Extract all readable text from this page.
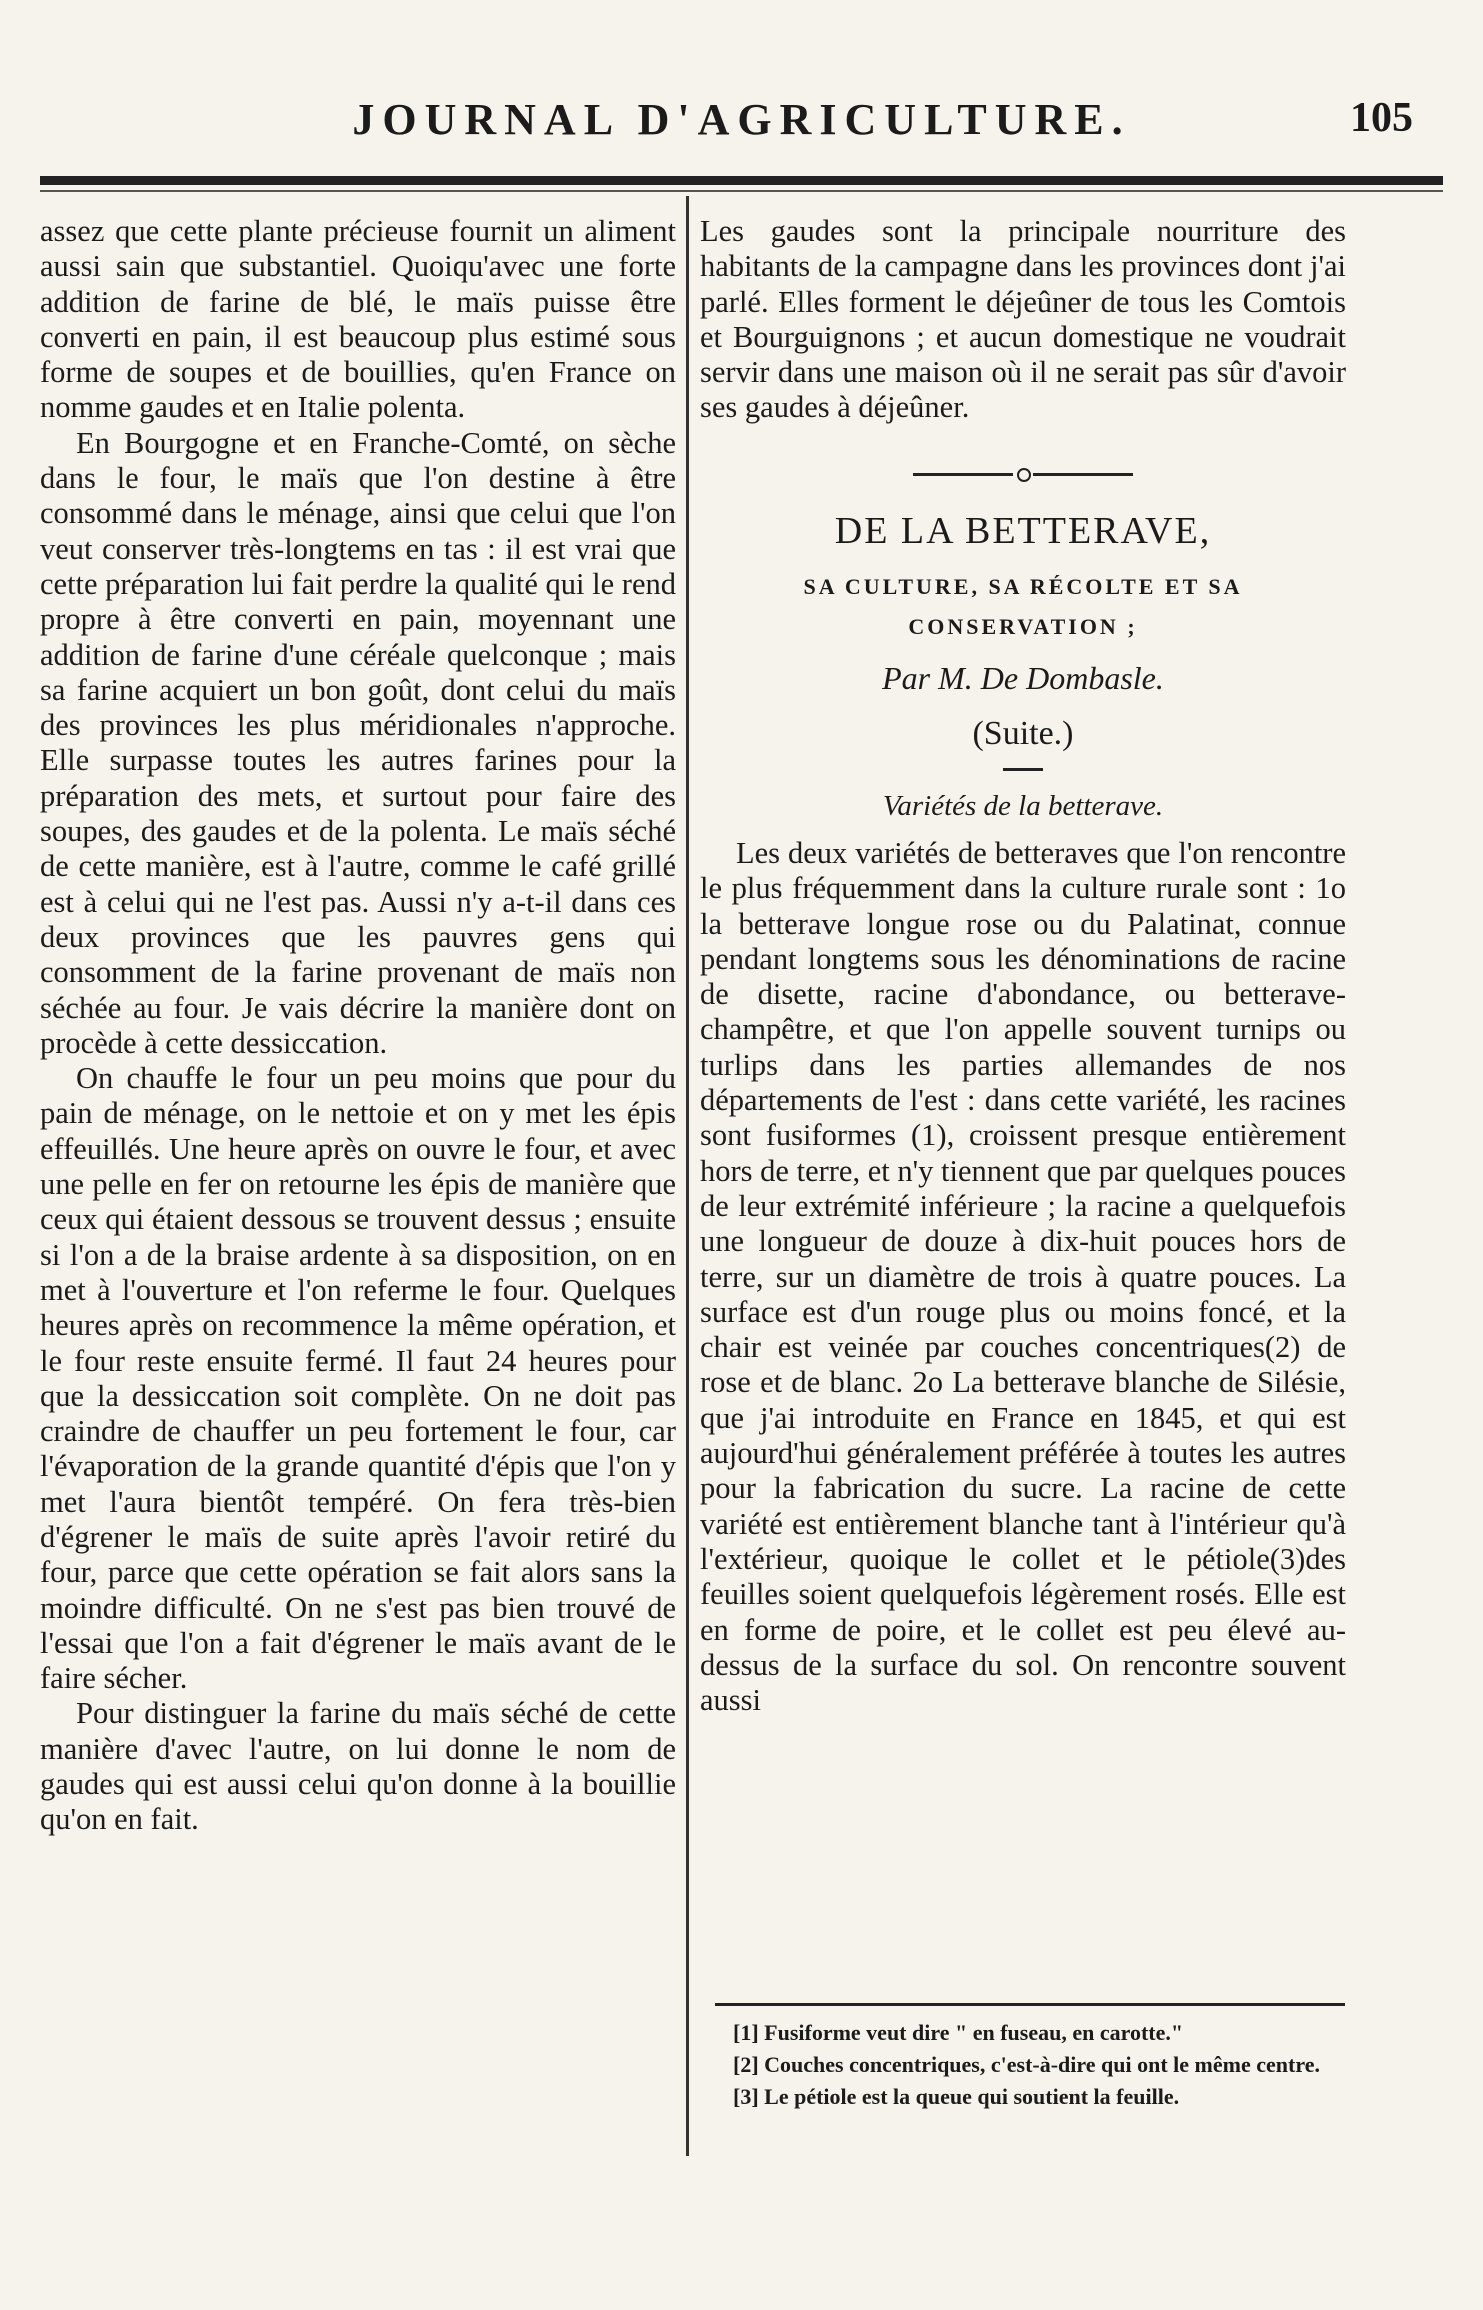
JOURNAL D'AGRICULTURE.	105

assez que cette plante précieuse fournit un aliment aussi sain que substantiel. Quoiqu'avec une forte addition de farine de blé, le maïs puisse être converti en pain, il est beaucoup plus estimé sous forme de soupes et de bouillies, qu'en France on nomme gaudes et en Italie polenta.

En Bourgogne et en Franche-Comté, on sèche dans le four, le maïs que l'on destine à être consommé dans le ménage, ainsi que celui que l'on veut conserver très-longtems en tas : il est vrai que cette préparation lui fait perdre la qualité qui le rend propre à être converti en pain, moyennant une addition de farine d'une céréale quelconque ; mais sa farine acquiert un bon goût, dont celui du maïs des provinces les plus méridionales n'approche. Elle surpasse toutes les autres farines pour la préparation des mets, et surtout pour faire des soupes, des gaudes et de la polenta. Le maïs séché de cette manière, est à l'autre, comme le café grillé est à celui qui ne l'est pas. Aussi n'y a-t-il dans ces deux provinces que les pauvres gens qui consomment de la farine provenant de maïs non séchée au four. Je vais décrire la manière dont on procède à cette dessiccation.

On chauffe le four un peu moins que pour du pain de ménage, on le nettoie et on y met les épis effeuillés. Une heure après on ouvre le four, et avec une pelle en fer on retourne les épis de manière que ceux qui étaient dessous se trouvent dessus ; ensuite si l'on a de la braise ardente à sa disposition, on en met à l'ouverture et l'on referme le four. Quelques heures après on recommence la même opération, et le four reste ensuite fermé. Il faut 24 heures pour que la dessiccation soit complète. On ne doit pas craindre de chauffer un peu fortement le four, car l'évaporation de la grande quantité d'épis que l'on y met l'aura bientôt tempéré. On fera très-bien d'égrener le maïs de suite après l'avoir retiré du four, parce que cette opération se fait alors sans la moindre difficulté. On ne s'est pas bien trouvé de l'essai que l'on a fait d'égrener le maïs avant de le faire sécher.

Pour distinguer la farine du maïs séché de cette manière d'avec l'autre, on lui donne le nom de gaudes qui est aussi celui qu'on donne à la bouillie qu'on en fait.

Les gaudes sont la principale nourriture des habitants de la campagne dans les provinces dont j'ai parlé. Elles forment le déjeûner de tous les Comtois et Bourguignons ; et aucun domestique ne voudrait servir dans une maison où il ne serait pas sûr d'avoir ses gaudes à déjeûner.

DE LA BETTERAVE,
SA CULTURE, SA RÉCOLTE ET SA CONSERVATION ;
Par M. De Dombasle.
(Suite.)
Variétés de la betterave.

Les deux variétés de betteraves que l'on rencontre le plus fréquemment dans la culture rurale sont : 1o la betterave longue rose ou du Palatinat, connue pendant longtems sous les dénominations de racine de disette, racine d'abondance, ou betterave-champêtre, et que l'on appelle souvent turnips ou turlips dans les parties allemandes de nos départements de l'est : dans cette variété, les racines sont fusiformes (1), croissent presque entièrement hors de terre, et n'y tiennent que par quelques pouces de leur extrémité inférieure ; la racine a quelquefois une longueur de douze à dix-huit pouces hors de terre, sur un diamètre de trois à quatre pouces. La surface est d'un rouge plus ou moins foncé, et la chair est veinée par couches concentriques(2) de rose et de blanc. 2o La betterave blanche de Silésie, que j'ai introduite en France en 1845, et qui est aujourd'hui généralement préférée à toutes les autres pour la fabrication du sucre. La racine de cette variété est entièrement blanche tant à l'intérieur qu'à l'extérieur, quoique le collet et le pétiole(3)des feuilles soient quelquefois légèrement rosés. Elle est en forme de poire, et le collet est peu élevé au-dessus de la surface du sol. On rencontre souvent aussi

[1] Fusiforme veut dire " en fuseau, en carotte."

[2] Couches concentriques, c'est-à-dire qui ont le même centre.

[3] Le pétiole est la queue qui soutient la feuille.
